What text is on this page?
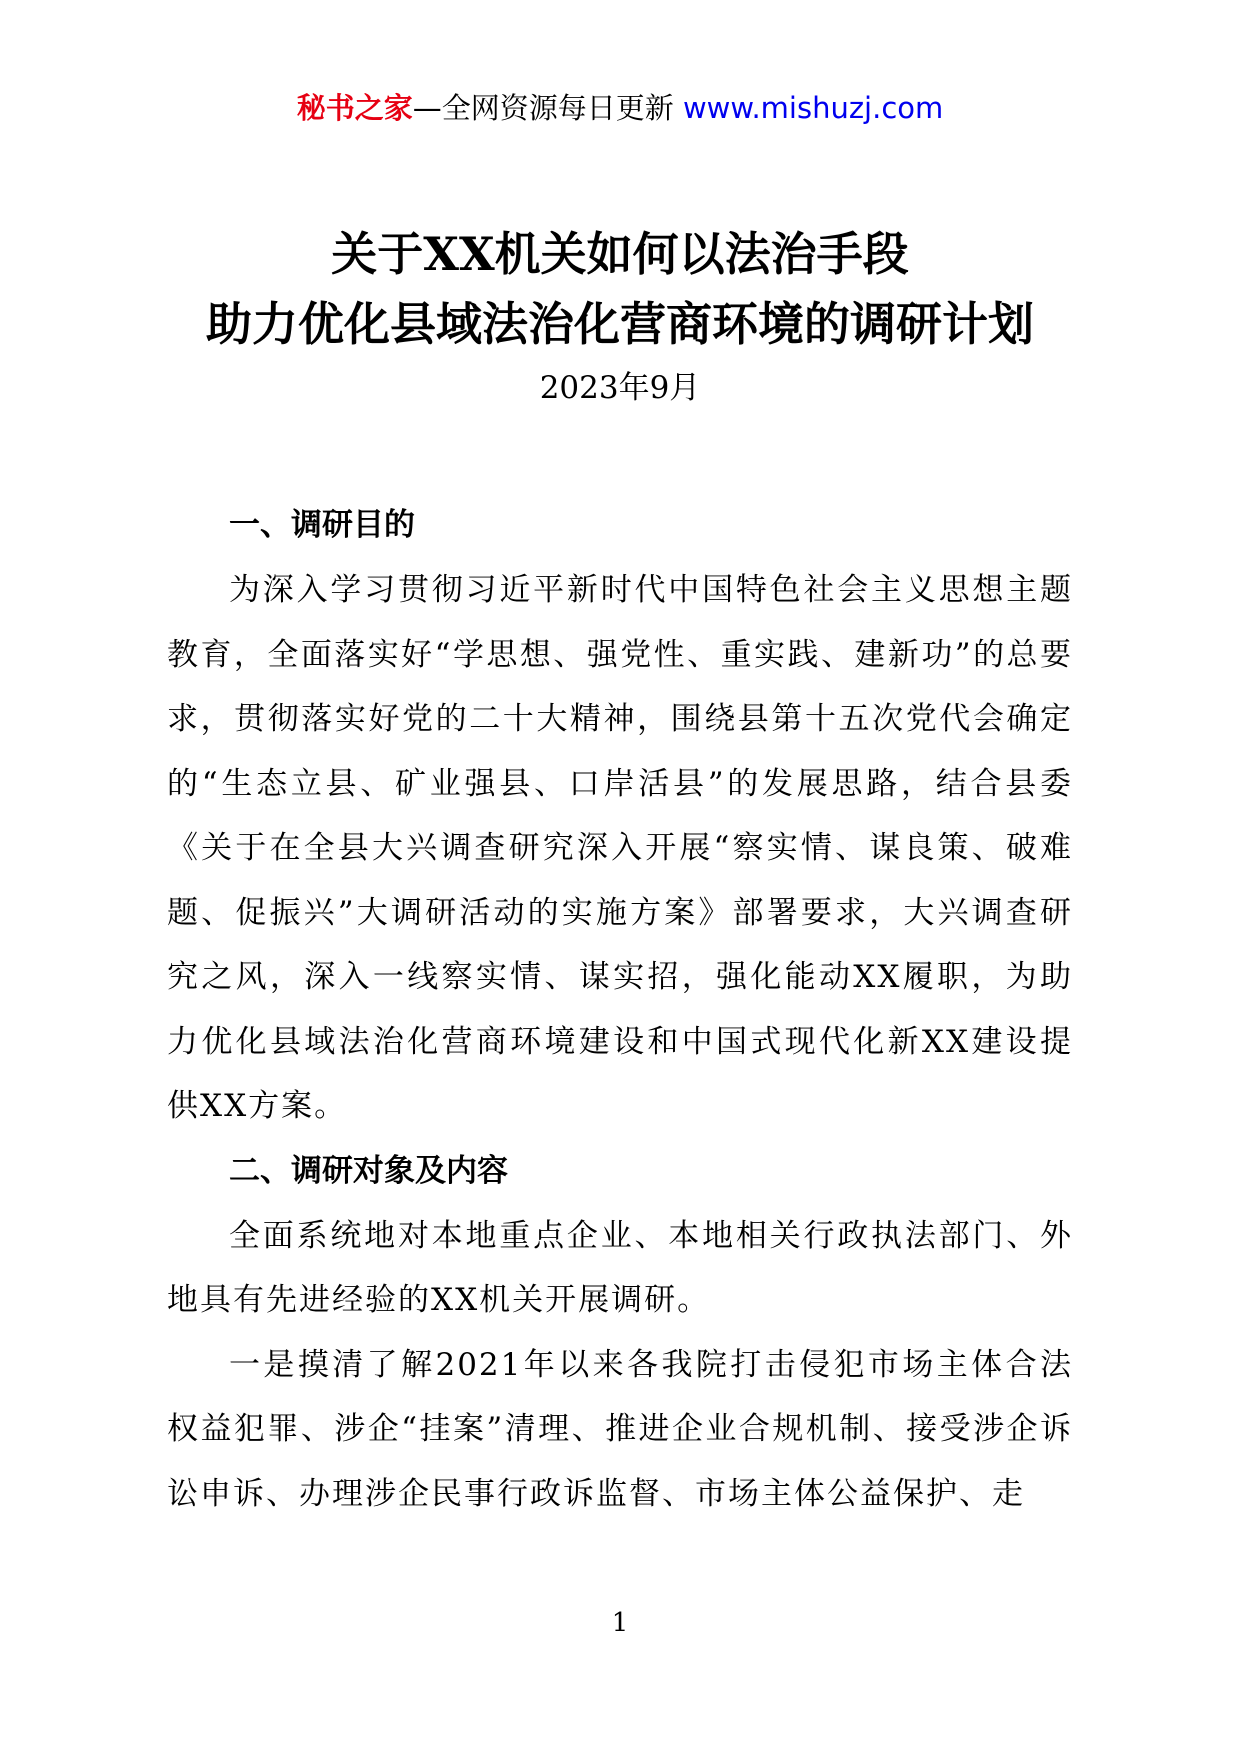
秘书之家—全网资源每日更新 www.mishuzj.com
关于XX机关如何以法治手段
助力优化县域法治化营商环境的调研计划
2023年9月

一、调研目的

为深入学习贯彻习近平新时代中国特色社会主义思想主题教育，全面落实好“学思想、强党性、重实践、建新功”的总要求，贯彻落实好党的二十大精神，围绕县第十五次党代会确定的“生态立县、矿业强县、口岸活县”的发展思路，结合县委《关于在全县大兴调查研究深入开展“察实情、谋良策、破难题、促振兴”大调研活动的实施方案》部署要求，大兴调查研究之风，深入一线察实情、谋实招，强化能动XX履职，为助力优化县域法治化营商环境建设和中国式现代化新XX建设提供XX方案。

二、调研对象及内容

全面系统地对本地重点企业、本地相关行政执法部门、外地具有先进经验的XX机关开展调研。

一是摸清了解2021年以来各我院打击侵犯市场主体合法权益犯罪、涉企“挂案”清理、推进企业合规机制、接受涉企诉讼申诉、办理涉企民事行政诉监督、市场主体公益保护、走

1
